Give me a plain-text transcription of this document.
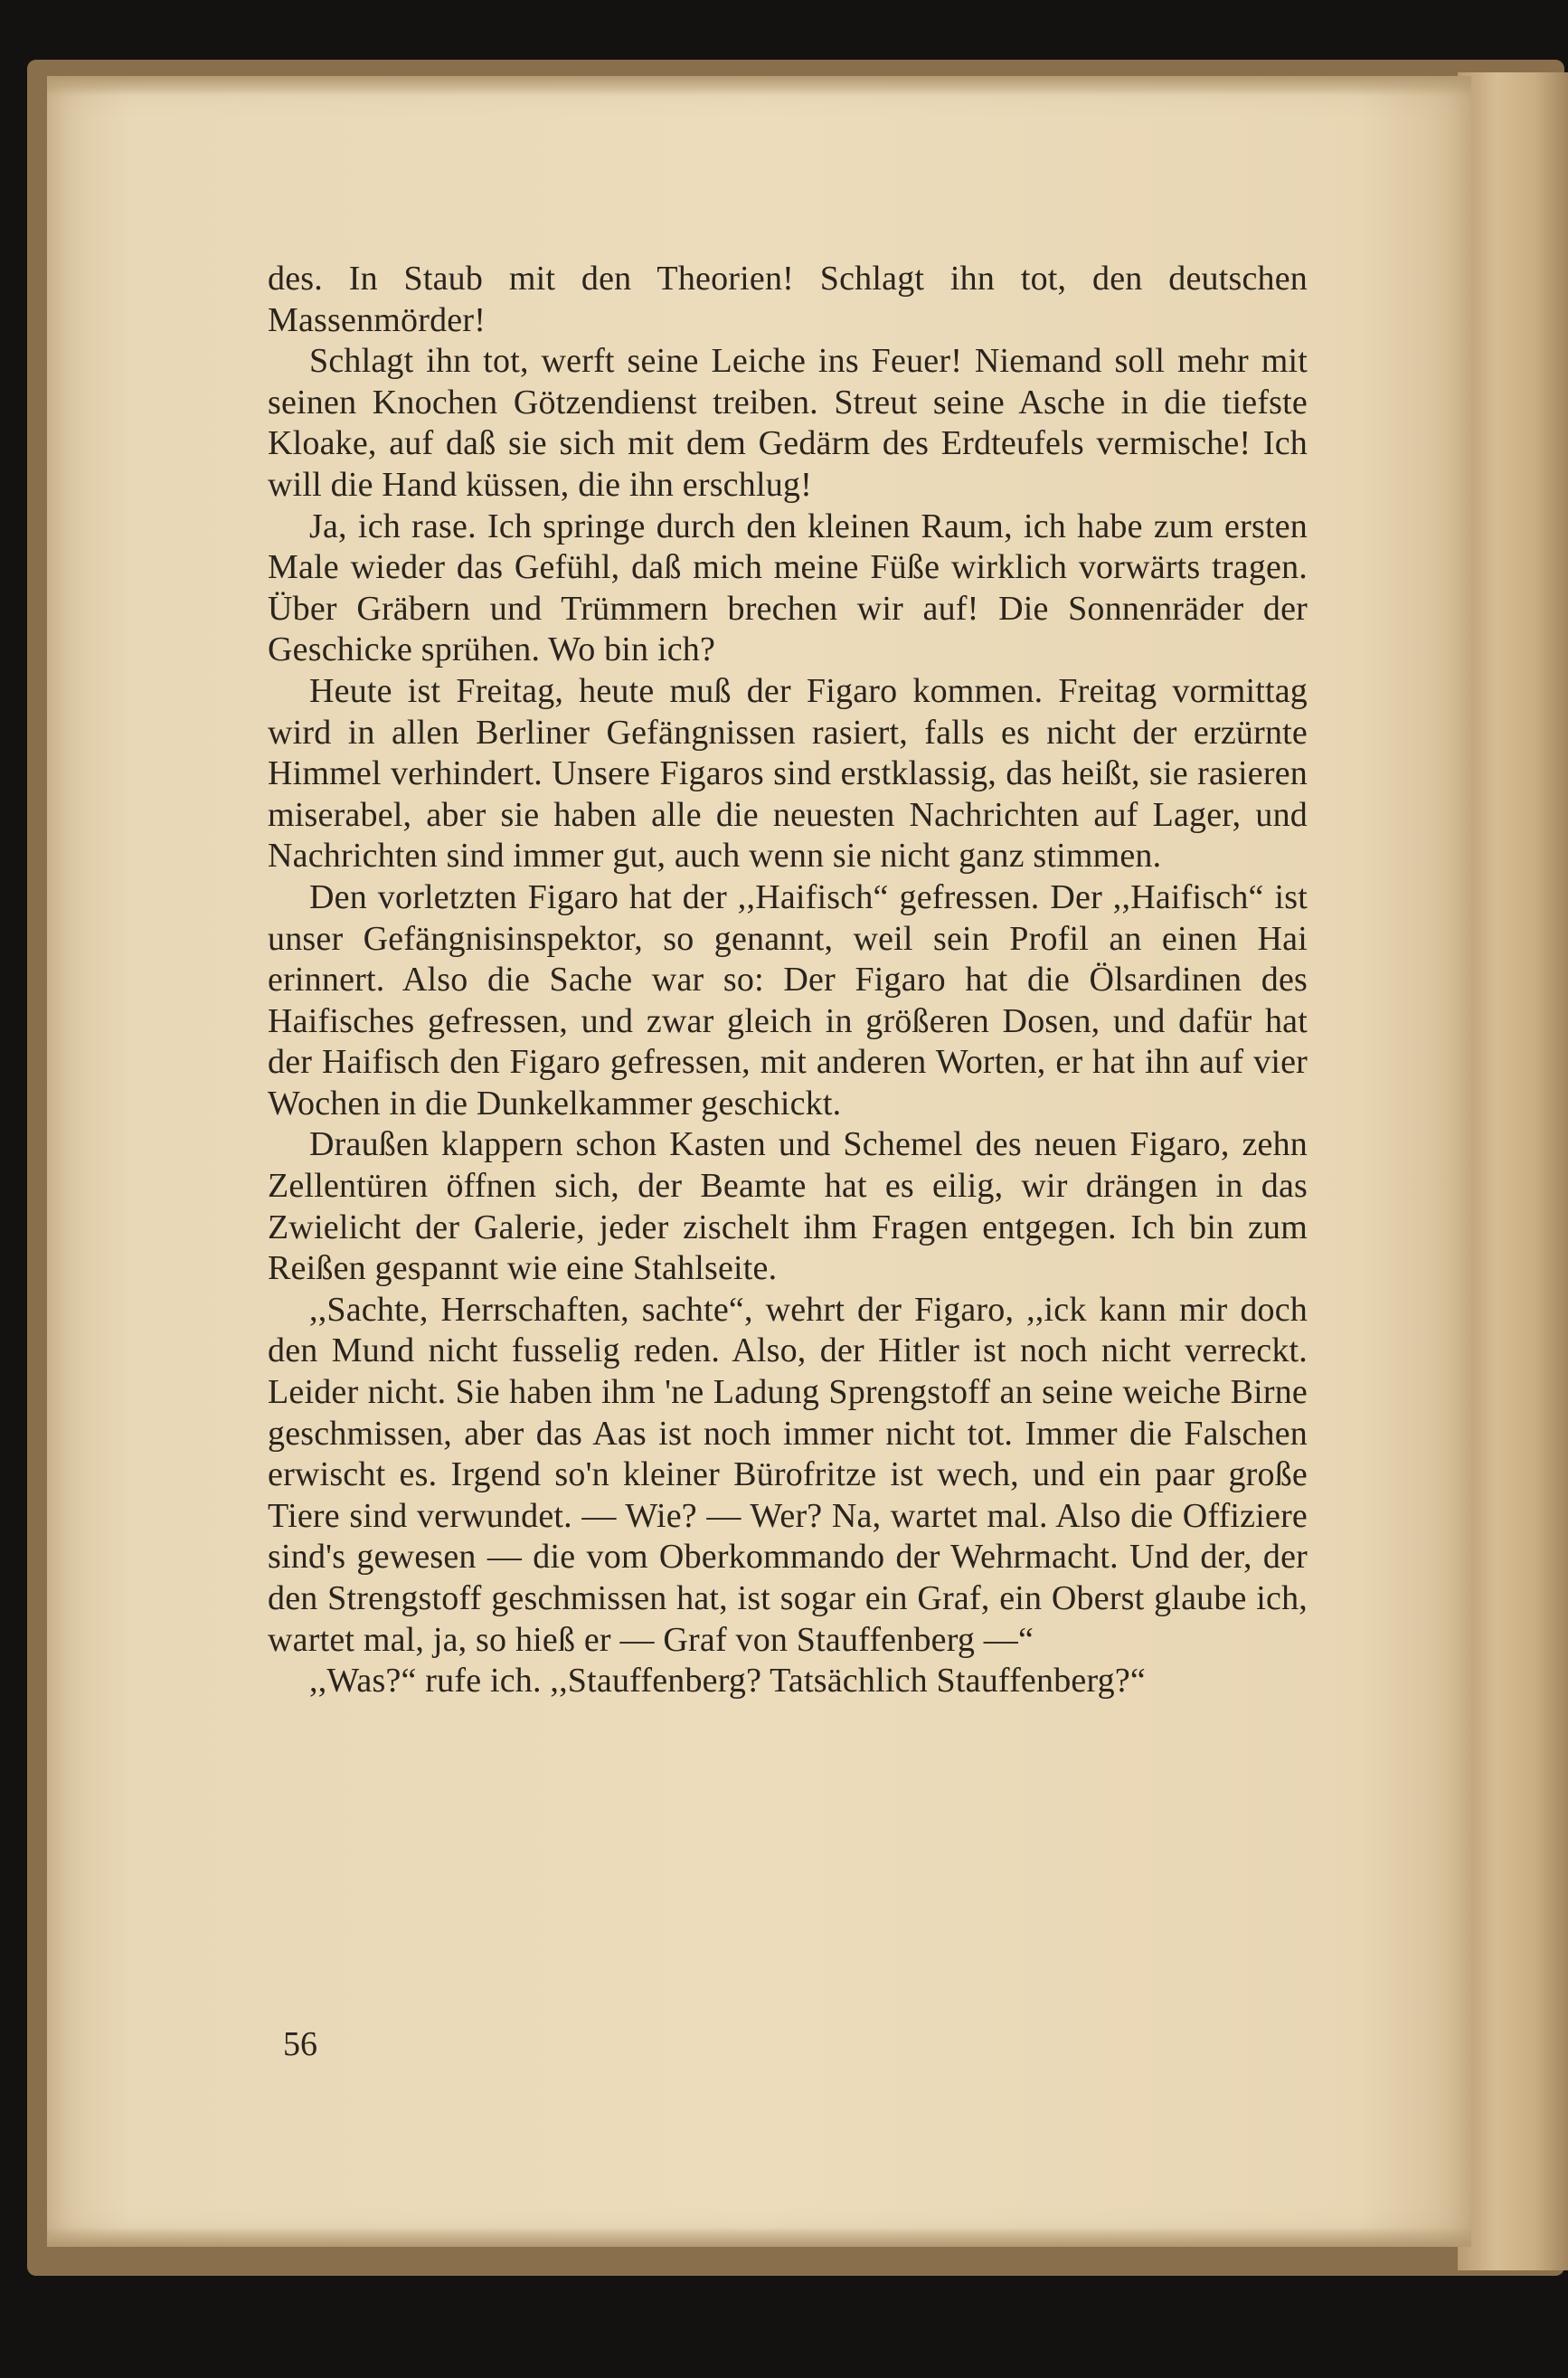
des. In Staub mit den Theorien! Schlagt ihn tot, den deutschen Massenmörder!

Schlagt ihn tot, werft seine Leiche ins Feuer! Niemand soll mehr mit seinen Knochen Götzendienst treiben. Streut seine Asche in die tiefste Kloake, auf daß sie sich mit dem Gedärm des Erdteufels vermische! Ich will die Hand küssen, die ihn erschlug!

Ja, ich rase. Ich springe durch den kleinen Raum, ich habe zum ersten Male wieder das Gefühl, daß mich meine Füße wirklich vorwärts tragen. Über Gräbern und Trümmern brechen wir auf! Die Sonnenräder der Geschicke sprühen. Wo bin ich?

Heute ist Freitag, heute muß der Figaro kommen. Freitag vormittag wird in allen Berliner Gefängnissen rasiert, falls es nicht der erzürnte Himmel verhindert. Unsere Figaros sind erstklassig, das heißt, sie rasieren miserabel, aber sie haben alle die neuesten Nachrichten auf Lager, und Nachrichten sind immer gut, auch wenn sie nicht ganz stimmen.

Den vorletzten Figaro hat der ,,Haifisch“ gefressen. Der ,,Haifisch“ ist unser Gefängnisinspektor, so genannt, weil sein Profil an einen Hai erinnert. Also die Sache war so: Der Figaro hat die Ölsardinen des Haifisches gefressen, und zwar gleich in größeren Dosen, und dafür hat der Haifisch den Figaro gefressen, mit anderen Worten, er hat ihn auf vier Wochen in die Dunkelkammer geschickt.

Draußen klappern schon Kasten und Schemel des neuen Figaro, zehn Zellentüren öffnen sich, der Beamte hat es eilig, wir drängen in das Zwielicht der Galerie, jeder zischelt ihm Fragen entgegen. Ich bin zum Reißen gespannt wie eine Stahlseite.

,,Sachte, Herrschaften, sachte“, wehrt der Figaro, ,,ick kann mir doch den Mund nicht fusselig reden. Also, der Hitler ist noch nicht verreckt. Leider nicht. Sie haben ihm 'ne Ladung Sprengstoff an seine weiche Birne geschmissen, aber das Aas ist noch immer nicht tot. Immer die Falschen erwischt es. Irgend so'n kleiner Bürofritze ist wech, und ein paar große Tiere sind verwundet. — Wie? — Wer? Na, wartet mal. Also die Offiziere sind's gewesen — die vom Oberkommando der Wehrmacht. Und der, der den Strengstoff geschmissen hat, ist sogar ein Graf, ein Oberst glaube ich, wartet mal, ja, so hieß er — Graf von Stauffenberg —“

,,Was?“ rufe ich. ,,Stauffenberg? Tatsächlich Stauffenberg?“

56
